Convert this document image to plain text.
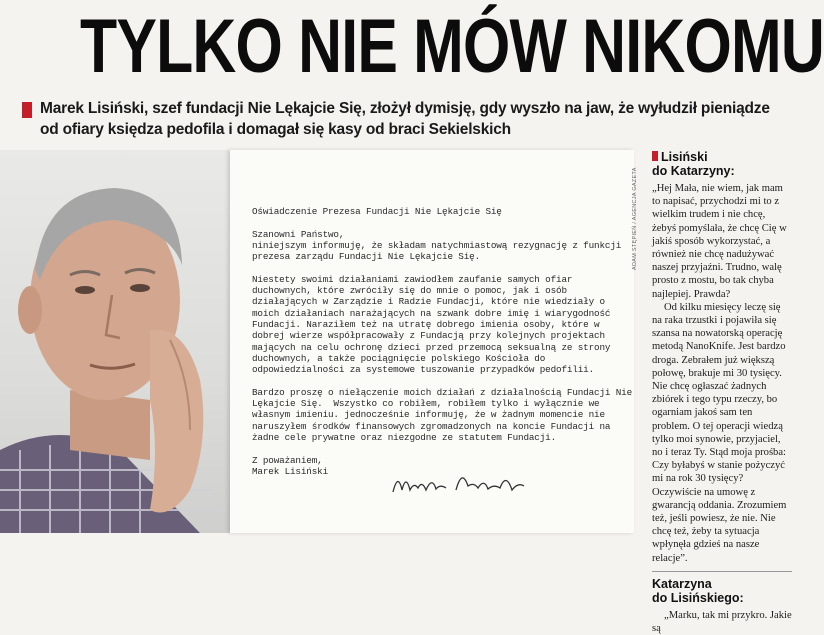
TYLKO NIE MÓW NIKOMU
Marek Lisiński, szef fundacji Nie Lękajcie Się, złożył dymisję, gdy wyszło na jaw, że wyłudził pieniądze od ofiary księdza pedofila i domagał się kasy od braci Sekielskich
Oświadczenie Prezesa Fundacji Nie Lękajcie Się

Szanowni Państwo,
niniejszym informuję, że składam natychmiastową rezygnację z funkcji
prezesa zarządu Fundacji Nie Lękajcie Się.

Niestety swoimi działaniami zawiodłem zaufanie samych ofiar
duchownych, które zwróciły się do mnie o pomoc, jak i osób
działających w Zarządzie i Radzie Fundacji, które nie wiedziały o
moich działaniach narażających na szwank dobre imię i wiarygodność
Fundacji. Naraziłem też na utratę dobrego imienia osoby, które w
dobrej wierze współpracowały z Fundacją przy kolejnych projektach
mających na celu ochronę dzieci przed przemocą seksualną ze strony
duchownych, a także pociągnięcie polskiego Kościoła do
odpowiedzialności za systemowe tuszowanie przypadków pedofilii.

Bardzo proszę o niełączenie moich działań z działalnością Fundacji Nie
Lękajcie Się.  Wszystko co robiłem, robiłem tylko i wyłącznie we
własnym imieniu. jednocześnie informuję, że w żadnym momencie nie
naruszyłem środków finansowych zgromadzonych na koncie Fundacji na
żadne cele prywatne oraz niezgodne ze statutem Fundacji.

Z poważaniem,
Marek Lisiński
ADAM STĘPIEŃ / AGENCJA GAZETA
Lisiński
do Katarzyny:

„Hej Mała, nie wiem, jak mam to napisać, przychodzi mi to z wielkim trudem i nie chcę, żebyś pomyślała, że chcę Cię w jakiś sposób wykorzystać, a również nie chcę nadużywać naszej przyjaźni. Trudno, walę prosto z mostu, bo tak chyba najlepiej. Prawda?

Od kilku miesięcy leczę się na raka trzustki i pojawiła się szansa na nowatorską operację metodą NanoKnife. Jest bardzo droga. Zebrałem już większą połowę, brakuje mi 30 tysięcy. Nie chcę ogłaszać żadnych zbiórek i tego typu rzeczy, bo ogarniam jakoś sam ten problem. O tej operacji wiedzą tylko moi synowie, przyjaciel, no i teraz Ty. Stąd moja prośba: Czy byłabyś w stanie pożyczyć mi na rok 30 tysięcy? Oczywiście na umowę z gwarancją oddania. Zrozumiem też, jeśli powiesz, że nie. Nie chcę też, żeby ta sytuacja wpłynęła gdzieś na nasze relacje”.

Katarzyna
do Lisińskiego:

„Marku, tak mi przykro. Jakie są
